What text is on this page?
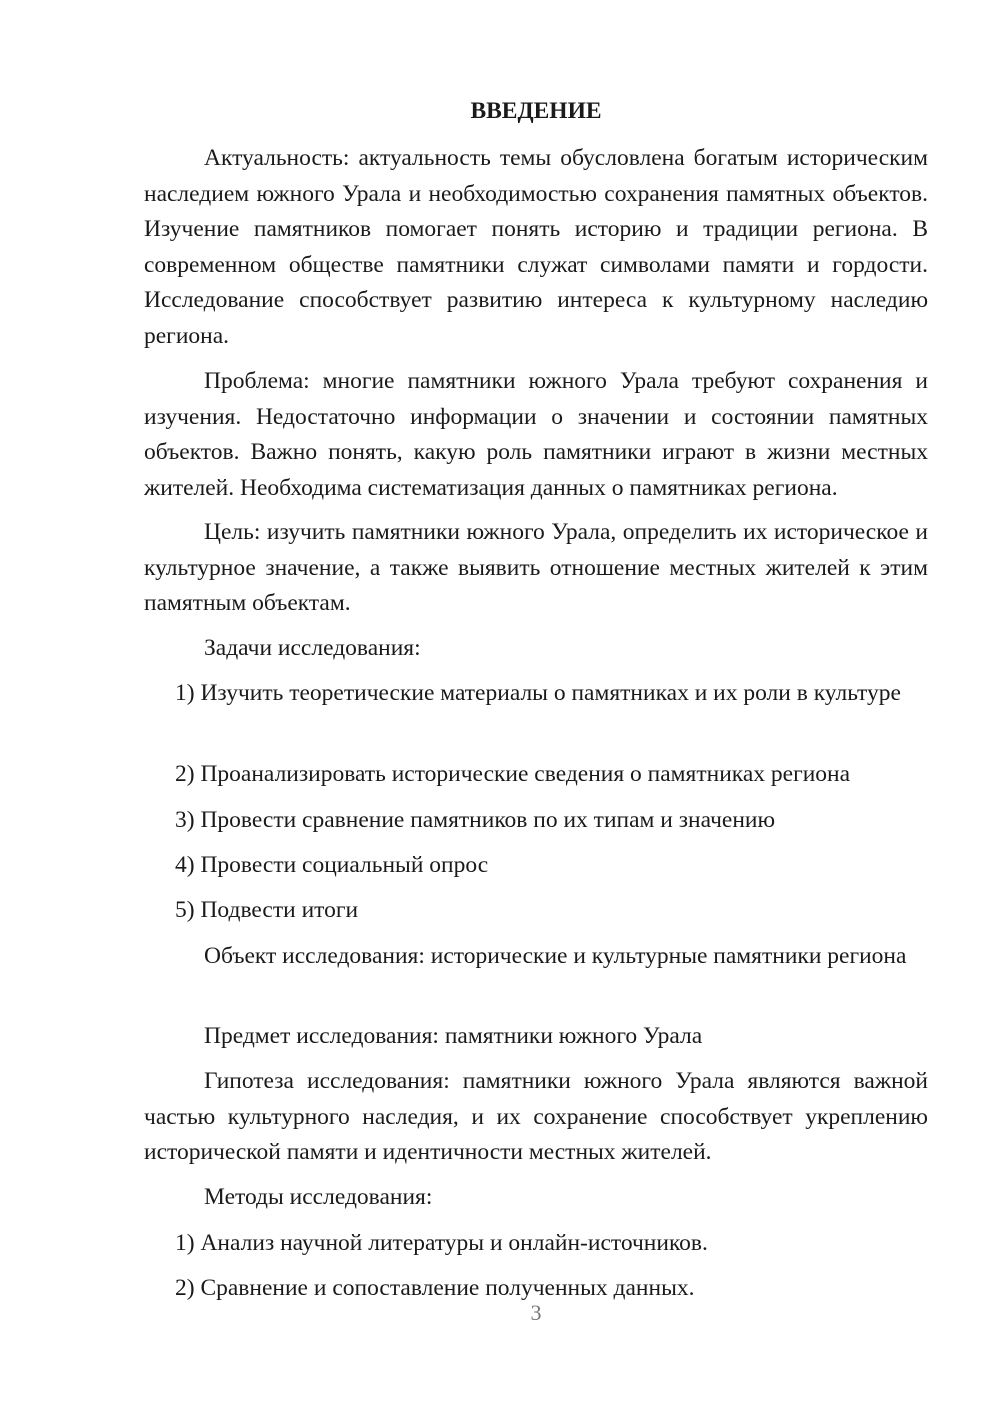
ВВЕДЕНИЕ

Актуальность: актуальность темы обусловлена богатым историческим наследием южного Урала и необходимостью сохранения памятных объектов. Изучение памятников помогает понять историю и традиции региона. В современном обществе памятники служат символами памяти и гордости. Исследование способствует развитию интереса к культурному наследию региона.

Проблема: многие памятники южного Урала требуют сохранения и изучения. Недостаточно информации о значении и состоянии памятных объектов. Важно понять, какую роль памятники играют в жизни местных жителей. Необходима систематизация данных о памятниках региона.

Цель: изучить памятники южного Урала, определить их историческое и культурное значение, а также выявить отношение местных жителей к этим памятным объектам.

Задачи исследования:

1) Изучить теоретические материалы о памятниках и их роли в культуре

2) Проанализировать исторические сведения о памятниках региона

3) Провести сравнение памятников по их типам и значению

4) Провести социальный опрос

5) Подвести итоги

Объект исследования: исторические и культурные памятники региона

Предмет исследования: памятники южного Урала

Гипотеза исследования: памятники южного Урала являются важной частью культурного наследия, и их сохранение способствует укреплению исторической памяти и идентичности местных жителей.

Методы исследования:

1) Анализ научной литературы и онлайн-источников.

2) Сравнение и сопоставление полученных данных.

3
